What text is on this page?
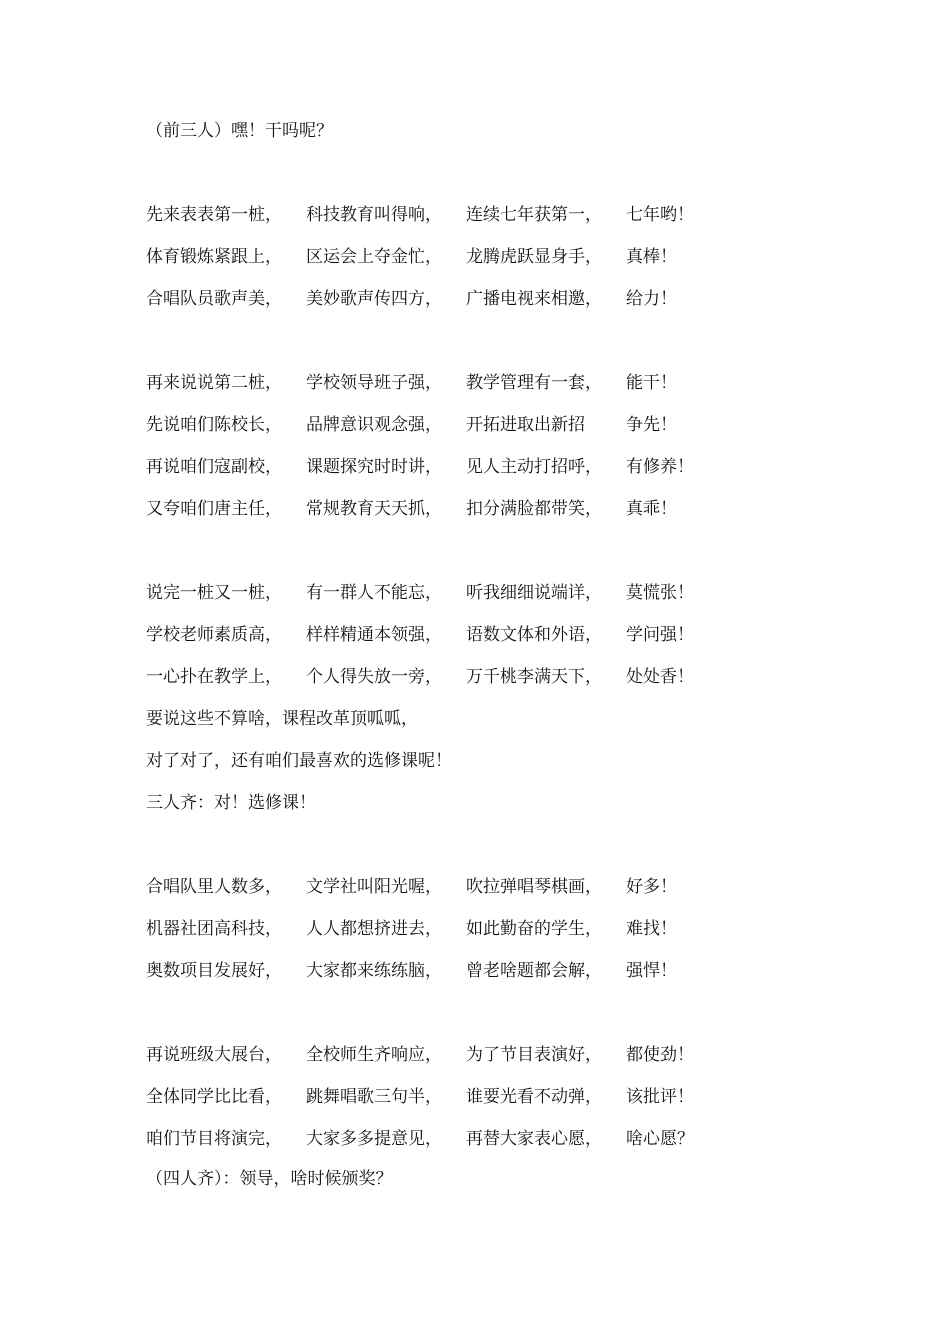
（前三人）嘿！干吗呢？
先来表表第一桩， 科技教育叫得响， 连续七年获第一， 七年哟！
体育锻炼紧跟上， 区运会上夺金忙， 龙腾虎跃显身手， 真棒！
合唱队员歌声美， 美妙歌声传四方， 广播电视来相邀， 给力！
再来说说第二桩， 学校领导班子强， 教学管理有一套， 能干！
先说咱们陈校长， 品牌意识观念强， 开拓进取出新招 争先！
再说咱们寇副校， 课题探究时时讲， 见人主动打招呼， 有修养！
又夸咱们唐主任， 常规教育天天抓， 扣分满脸都带笑， 真乖！
说完一桩又一桩， 有一群人不能忘， 听我细细说端详， 莫慌张！
学校老师素质高， 样样精通本领强， 语数文体和外语， 学问强！
一心扑在教学上， 个人得失放一旁， 万千桃李满天下， 处处香！
要说这些不算啥，课程改革顶呱呱，
对了对了，还有咱们最喜欢的选修课呢！
三人齐：对！选修课！
合唱队里人数多， 文学社叫阳光喔， 吹拉弹唱琴棋画， 好多！
机器社团高科技， 人人都想挤进去， 如此勤奋的学生， 难找！
奥数项目发展好， 大家都来练练脑， 曾老啥题都会解， 强悍！
再说班级大展台， 全校师生齐响应， 为了节目表演好， 都使劲！
全体同学比比看， 跳舞唱歌三句半， 谁要光看不动弹， 该批评！
咱们节目将演完， 大家多多提意见， 再替大家表心愿， 啥心愿？
（四人齐）：领导，啥时候颁奖？
